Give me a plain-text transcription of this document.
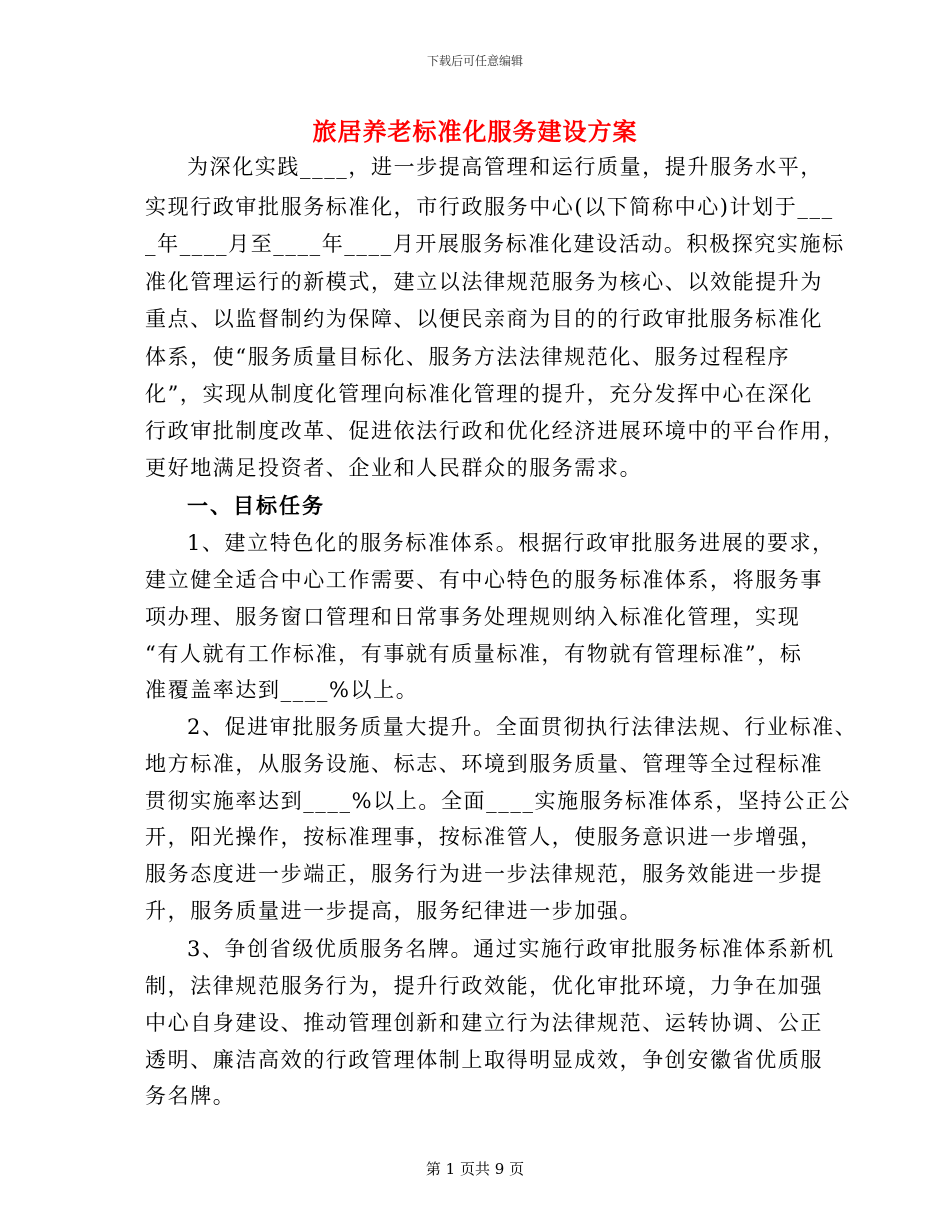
下载后可任意编辑
旅居养老标准化服务建设方案
为深化实践____，进一步提高管理和运行质量，提升服务水平，
实现行政审批服务标准化，市行政服务中心(以下简称中心)计划于___
_年____月至____年____月开展服务标准化建设活动。积极探究实施标
准化管理运行的新模式，建立以法律规范服务为核心、以效能提升为
重点、以监督制约为保障、以便民亲商为目的的行政审批服务标准化
体系，使“服务质量目标化、服务方法法律规范化、服务过程程序
化”，实现从制度化管理向标准化管理的提升，充分发挥中心在深化
行政审批制度改革、促进依法行政和优化经济进展环境中的平台作用，
更好地满足投资者、企业和人民群众的服务需求。
一、目标任务
1、建立特色化的服务标准体系。根据行政审批服务进展的要求，
建立健全适合中心工作需要、有中心特色的服务标准体系，将服务事
项办理、服务窗口管理和日常事务处理规则纳入标准化管理，实现
“有人就有工作标准，有事就有质量标准，有物就有管理标准”，标
准覆盖率达到____%以上。
2、促进审批服务质量大提升。全面贯彻执行法律法规、行业标准、
地方标准，从服务设施、标志、环境到服务质量、管理等全过程标准
贯彻实施率达到____%以上。全面____实施服务标准体系，坚持公正公
开，阳光操作，按标准理事，按标准管人，使服务意识进一步增强，
服务态度进一步端正，服务行为进一步法律规范，服务效能进一步提
升，服务质量进一步提高，服务纪律进一步加强。
3、争创省级优质服务名牌。通过实施行政审批服务标准体系新机
制，法律规范服务行为，提升行政效能，优化审批环境，力争在加强
中心自身建设、推动管理创新和建立行为法律规范、运转协调、公正
透明、廉洁高效的行政管理体制上取得明显成效，争创安徽省优质服
务名牌。
第 1 页共 9 页
